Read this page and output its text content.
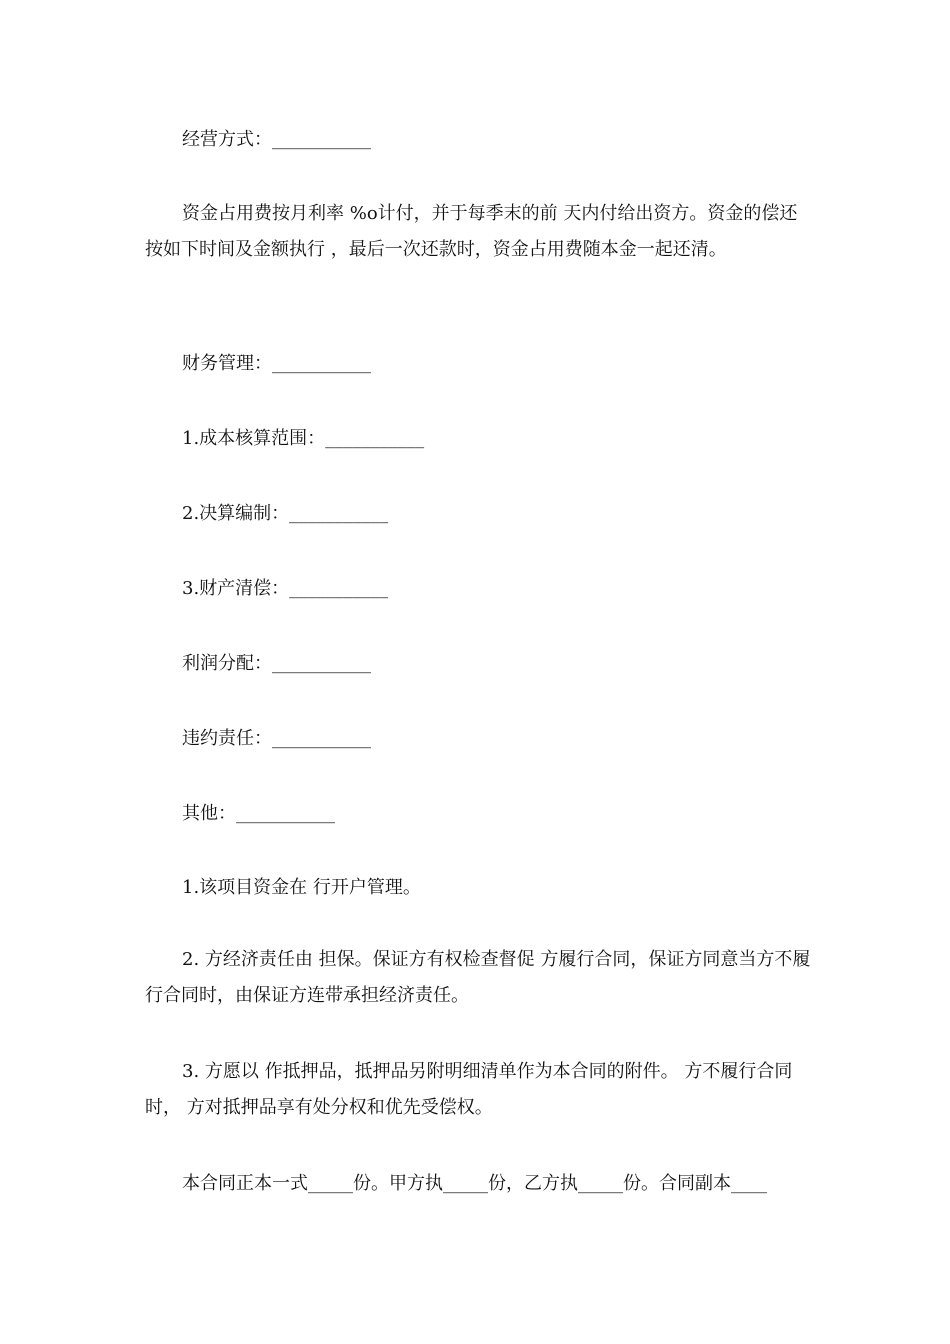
经营方式：___________

资金占用费按月利率 %o计付，并于每季末的前 天内付给出资方。资金的偿还按如下时间及金额执行 ，最后一次还款时，资金占用费随本金一起还清。

财务管理：___________

1.成本核算范围：___________

2.决算编制：___________

3.财产清偿：___________

利润分配：___________

违约责任：___________

其他：___________

1.该项目资金在 行开户管理。

2. 方经济责任由 担保。保证方有权检查督促 方履行合同，保证方同意当方不履行合同时，由保证方连带承担经济责任。

3. 方愿以 作抵押品，抵押品另附明细清单作为本合同的附件。 方不履行合同时， 方对抵押品享有处分权和优先受偿权。

本合同正本一式_____份。甲方执_____份，乙方执_____份。合同副本____
